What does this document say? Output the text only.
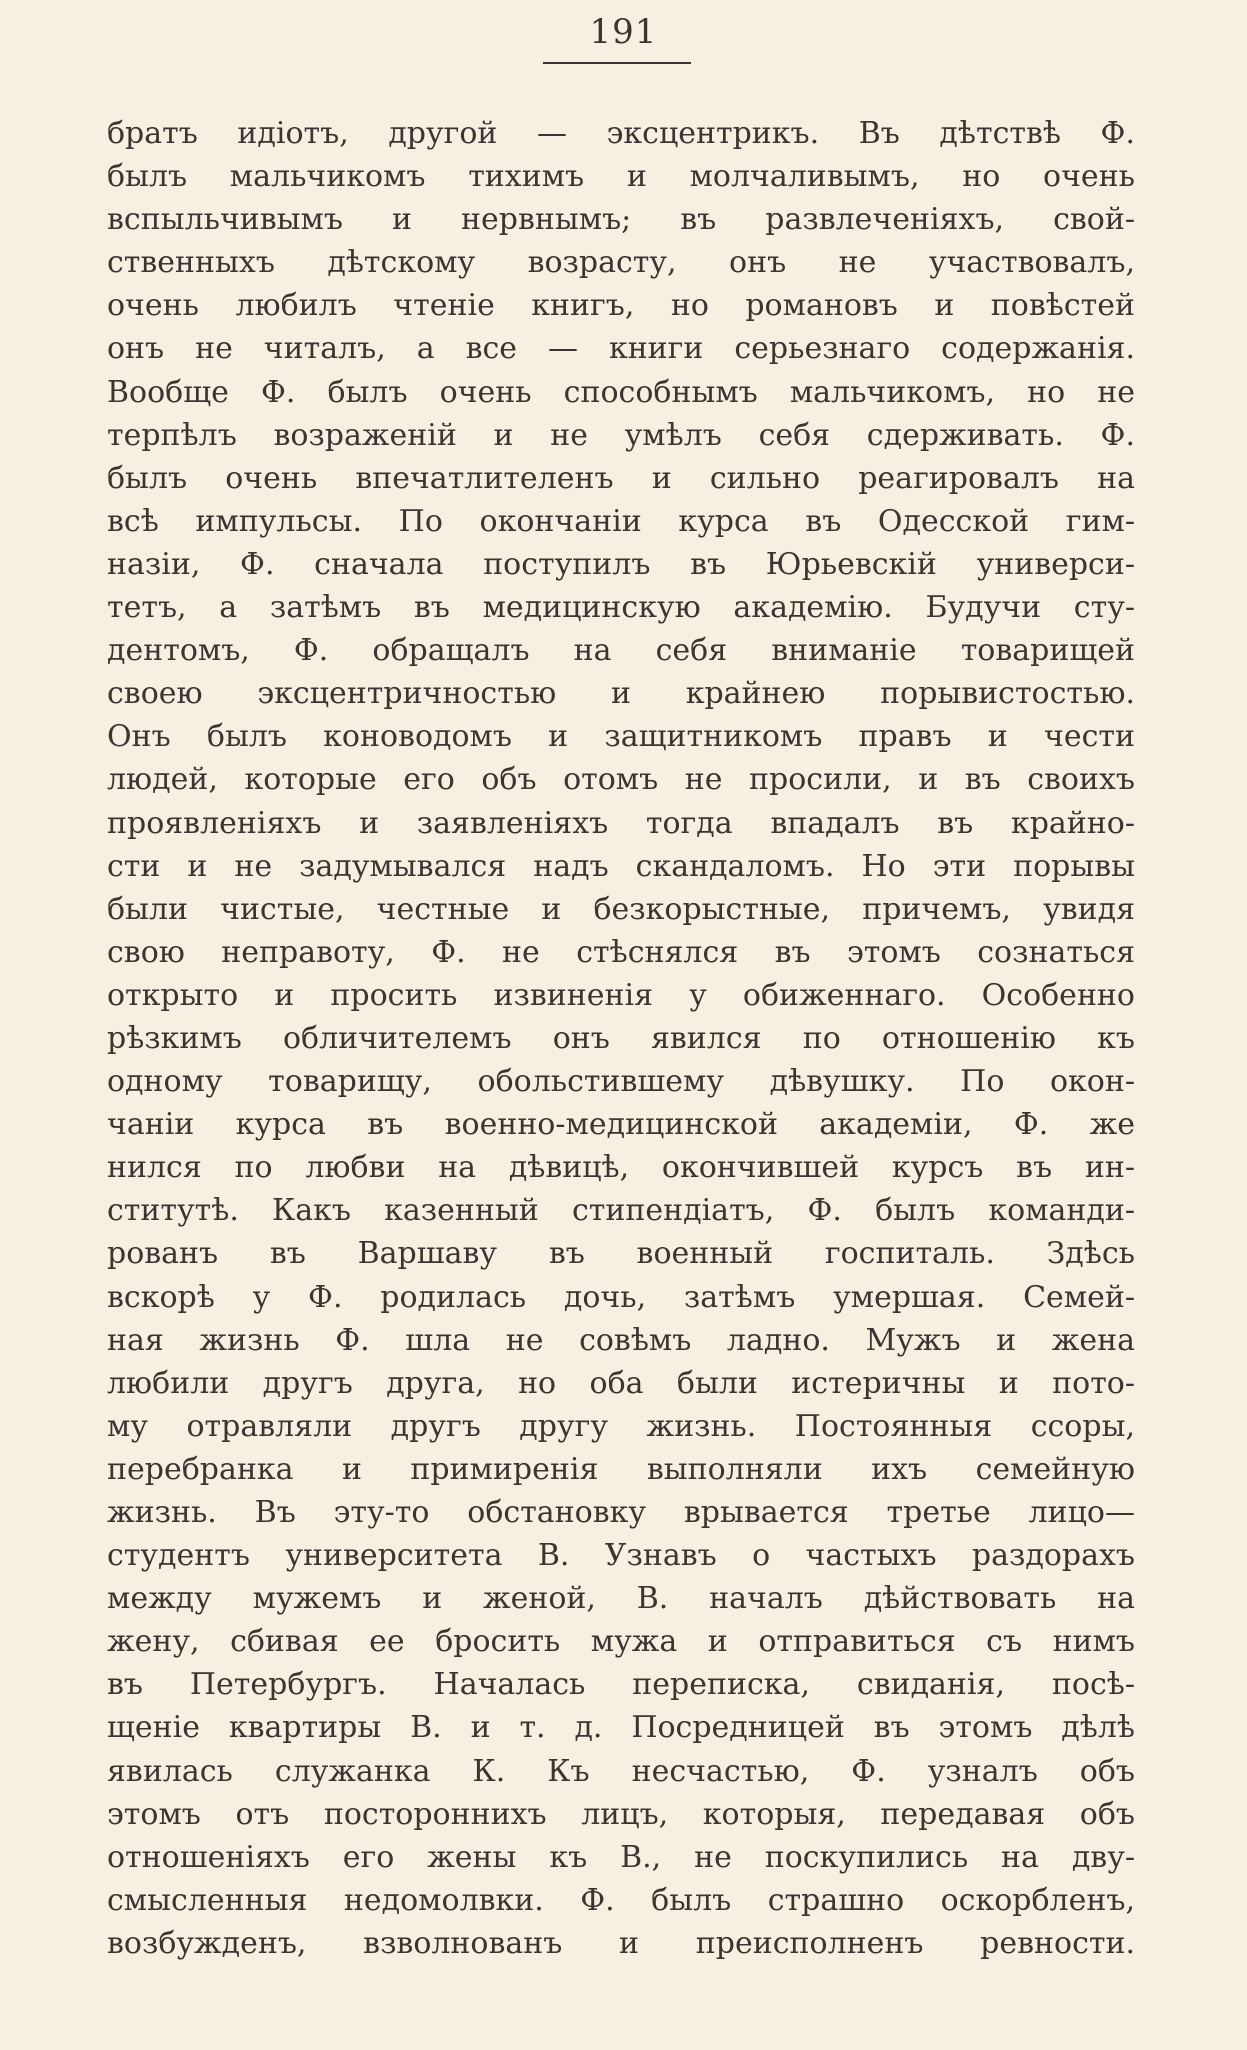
191
братъ идіотъ, другой — эксцентрикъ. Въ дѣтствѣ Ф.
былъ мальчикомъ тихимъ и молчаливымъ, но очень
вспыльчивымъ и нервнымъ; въ развлеченіяхъ, свой-
ственныхъ дѣтскому возрасту, онъ не участвовалъ,
очень любилъ чтеніе книгъ, но романовъ и повѣстей
онъ не читалъ, а все — книги серьезнаго содержанія.
Вообще Ф. былъ очень способнымъ мальчикомъ, но не
терпѣлъ возраженій и не умѣлъ себя сдерживать. Ф.
былъ очень впечатлителенъ и сильно реагировалъ на
всѣ импульсы. По окончаніи курса въ Одесской гим-
назіи, Ф. сначала поступилъ въ Юрьевскій универси-
тетъ, а затѣмъ въ медицинскую академію. Будучи сту-
дентомъ, Ф. обращалъ на себя вниманіе товарищей
своею эксцентричностью и крайнею порывистостью.
Онъ былъ коноводомъ и защитникомъ правъ и чести
людей, которые его объ отомъ не просили, и въ своихъ
проявленіяхъ и заявленіяхъ тогда впадалъ въ крайно-
сти и не задумывался надъ скандаломъ. Но эти порывы
были чистые, честные и безкорыстные, причемъ, увидя
свою неправоту, Ф. не стѣснялся въ этомъ сознаться
открыто и просить извиненія у обиженнаго. Особенно
рѣзкимъ обличителемъ онъ явился по отношенію къ
одному товарищу, обольстившему дѣвушку. По окон-
чаніи курса въ военно-медицинской академіи, Ф. же
нился по любви на дѣвицѣ, окончившей курсъ въ ин-
ститутѣ. Какъ казенный стипендіатъ, Ф. былъ команди-
рованъ въ Варшаву въ военный госпиталь. Здѣсь
вскорѣ у Ф. родилась дочь, затѣмъ умершая. Семей-
ная жизнь Ф. шла не совѣмъ ладно. Мужъ и жена
любили другъ друга, но оба были истеричны и пото-
му отравляли другъ другу жизнь. Постоянныя ссоры,
перебранка и примиренія выполняли ихъ семейную
жизнь. Въ эту-то обстановку врывается третье лицо—
студентъ университета В. Узнавъ о частыхъ раздорахъ
между мужемъ и женой, В. началъ дѣйствовать на
жену, сбивая ее бросить мужа и отправиться съ нимъ
въ Петербургъ. Началась переписка, свиданія, посѣ-
щеніе квартиры В. и т. д. Посредницей въ этомъ дѣлѣ
явилась служанка К. Къ несчастью, Ф. узналъ объ
этомъ отъ постороннихъ лицъ, которыя, передавая объ
отношеніяхъ его жены къ В., не поскупились на дву-
смысленныя недомолвки. Ф. былъ страшно оскорбленъ,
возбужденъ, взволнованъ и преисполненъ ревности.
